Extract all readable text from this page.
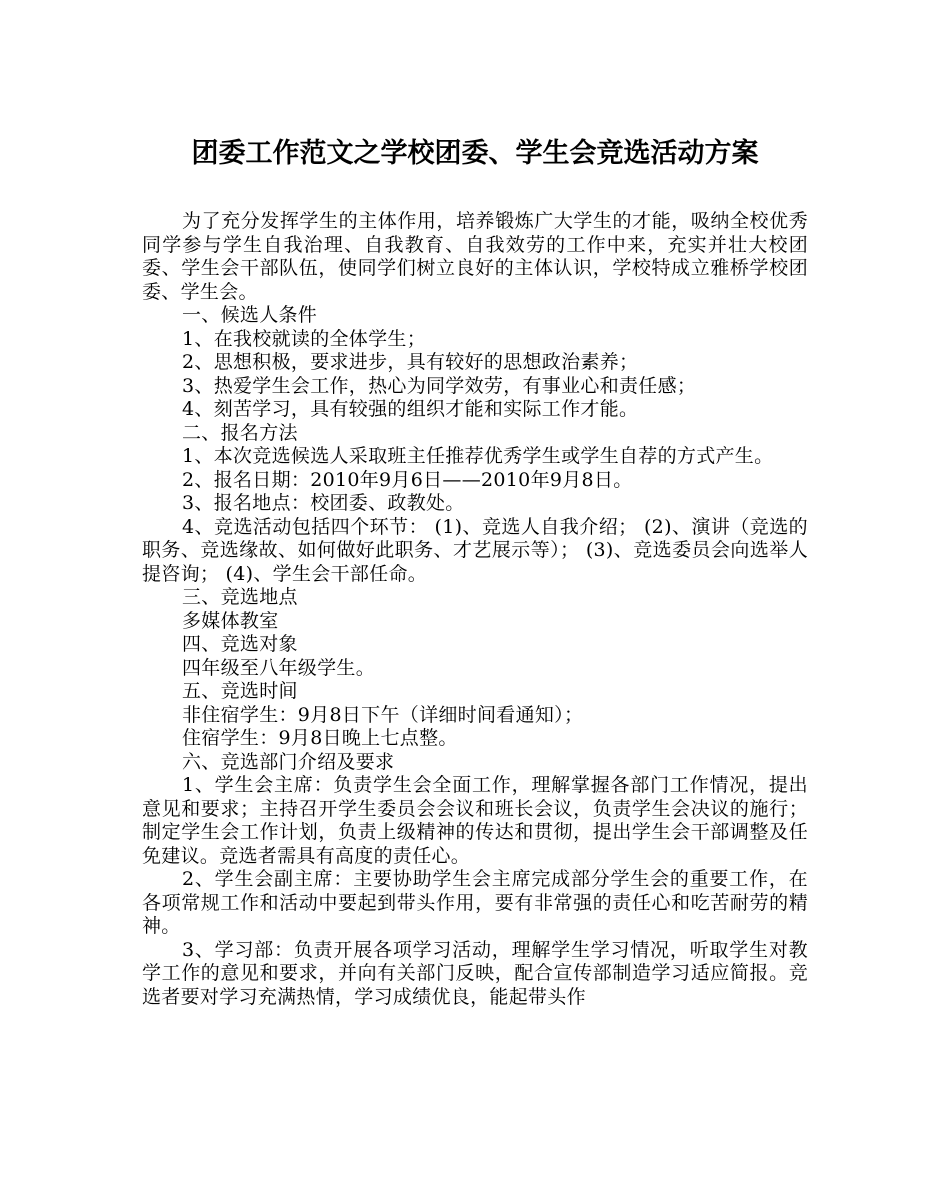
团委工作范文之学校团委、学生会竞选活动方案

为了充分发挥学生的主体作用，培养锻炼广大学生的才能，吸纳全校优秀同学参与学生自我治理、自我教育、自我效劳的工作中来，充实并壮大校团委、学生会干部队伍，使同学们树立良好的主体认识，学校特成立雅桥学校团委、学生会。

一、候选人条件

1、在我校就读的全体学生；

2、思想积极，要求进步，具有较好的思想政治素养；

3、热爱学生会工作，热心为同学效劳，有事业心和责任感；

4、刻苦学习，具有较强的组织才能和实际工作才能。

二、报名方法

1、本次竞选候选人采取班主任推荐优秀学生或学生自荐的方式产生。

2、报名日期：2010年9月6日——2010年9月8日。

3、报名地点：校团委、政教处。

4、竞选活动包括四个环节： (1)、竞选人自我介绍； (2)、演讲（竞选的职务、竞选缘故、如何做好此职务、才艺展示等）； (3)、竞选委员会向选举人提咨询； (4)、学生会干部任命。

三、竞选地点

多媒体教室

四、竞选对象

四年级至八年级学生。

五、竞选时间

非住宿学生：9月8日下午（详细时间看通知）；

住宿学生：9月8日晚上七点整。

六、竞选部门介绍及要求

1、学生会主席：负责学生会全面工作，理解掌握各部门工作情况，提出意见和要求；主持召开学生委员会会议和班长会议，负责学生会决议的施行；制定学生会工作计划，负责上级精神的传达和贯彻，提出学生会干部调整及任免建议。竞选者需具有高度的责任心。

2、学生会副主席：主要协助学生会主席完成部分学生会的重要工作，在各项常规工作和活动中要起到带头作用，要有非常强的责任心和吃苦耐劳的精神。

3、学习部：负责开展各项学习活动，理解学生学习情况，听取学生对教学工作的意见和要求，并向有关部门反映，配合宣传部制造学习适应简报。竞选者要对学习充满热情，学习成绩优良，能起带头作
